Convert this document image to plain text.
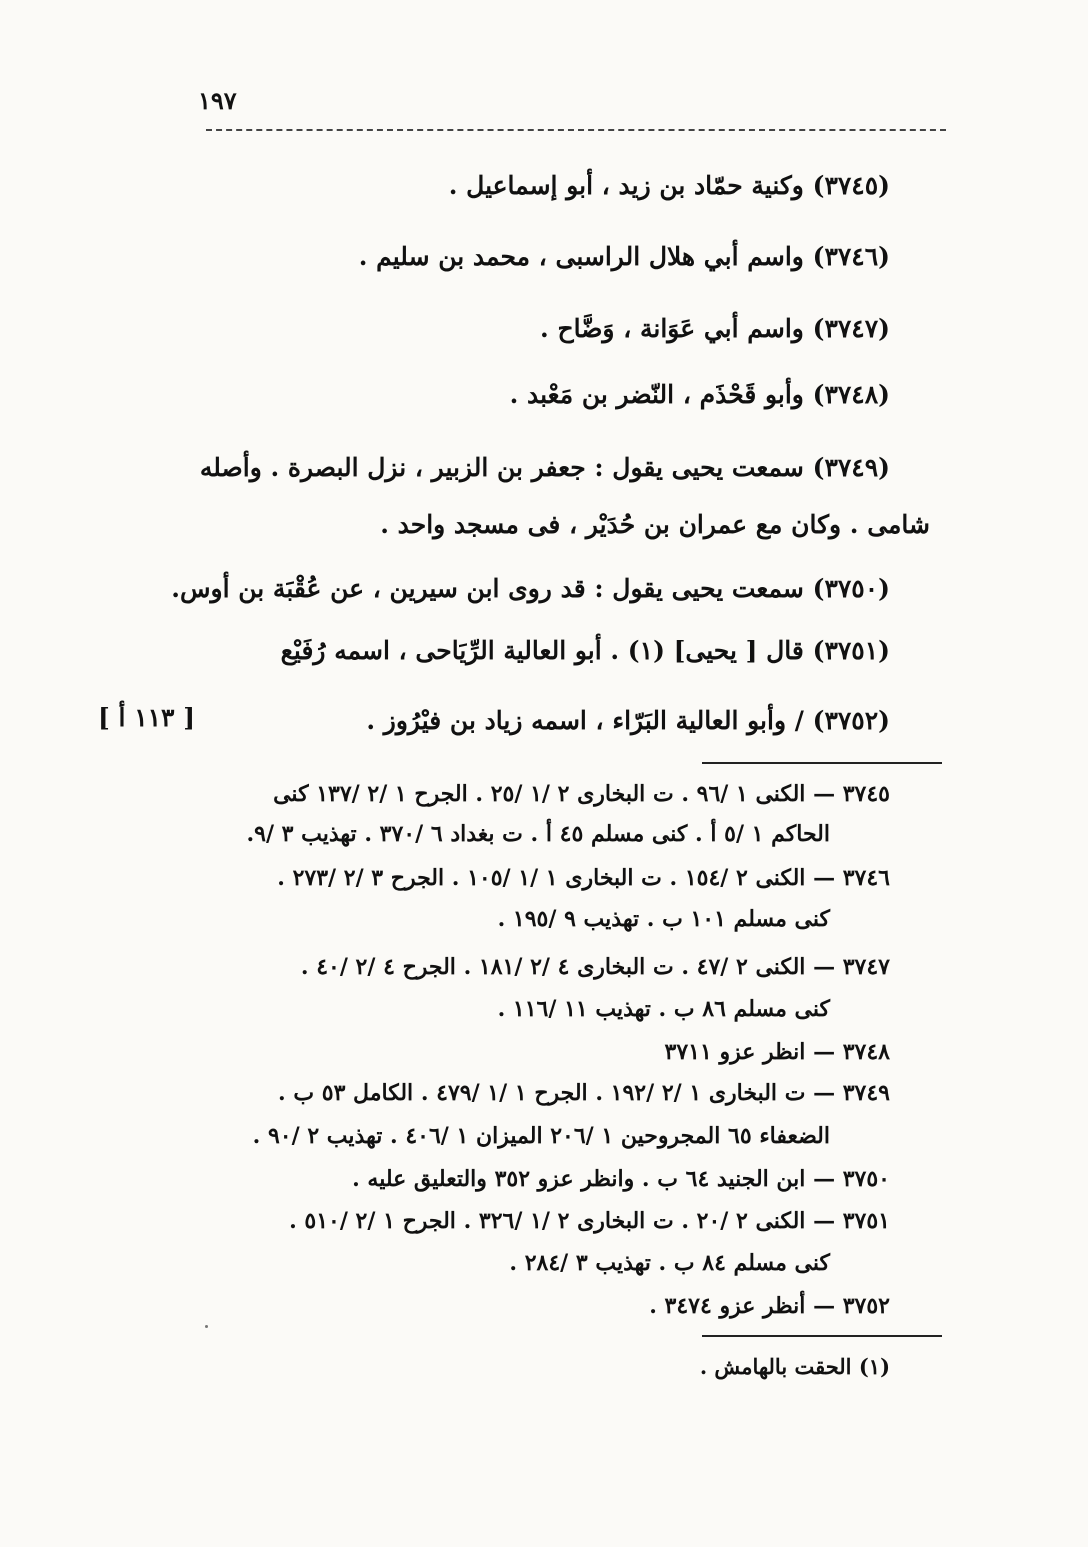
١٩٧
(٣٧٤٥) وكنية حمّاد بن زيد ، أبو إسماعيل .
(٣٧٤٦) واسم أبي هلال الراسبى ، محمد بن سليم .
(٣٧٤٧) واسم أبي عَوَانة ، وَضَّاح .
(٣٧٤٨) وأبو قَحْذَم ، النّضر بن مَعْبد .
(٣٧٤٩) سمعت يحيى يقول : جعفر بن الزبير ، نزل البصرة . وأصله
شامى . وكان مع عمران بن حُدَيْر ، فى مسجد واحد .
(٣٧٥٠) سمعت يحيى يقول : قد روى ابن سيرين ، عن عُقْبَة بن أوس.
(٣٧٥١) قال [ يحيى] (١) . أبو العالية الرِّيَاحى ، اسمه رُفَيْع
(٣٧٥٢) / وأبو العالية البَرّاء ، اسمه زياد بن فيْرُوز .
[ ١١٣ أ ]
٣٧٤٥ — الكنى ١ /٩٦ . ت البخارى ٢ /١ /٢٥ . الجرح ١ /٢ /١٣٧ كنى
الحاكم ١ /٥ أ . كنى مسلم ٤٥ أ . ت بغداد ٦ /٣٧٠ . تهذيب ٣ /٩.
٣٧٤٦ — الكنى ٢ /١٥٤ . ت البخارى ١ /١ /١٠٥ . الجرح ٣ /٢ /٢٧٣ .
كنى مسلم ١٠١ ب . تهذيب ٩ /١٩٥ .
٣٧٤٧ — الكنى ٢ /٤٧ . ت البخارى ٤ /٢ /١٨١ . الجرح ٤ /٢ /٤٠ .
كنى مسلم ٨٦ ب . تهذيب ١١ /١١٦ .
٣٧٤٨ — انظر عزو ٣٧١١
٣٧٤٩ — ت البخارى ١ /٢ /١٩٢ . الجرح ١ /١ /٤٧٩ . الكامل ٥٣ ب .
الضعفاء ٦٥ المجروحين ١ /٢٠٦ الميزان ١ /٤٠٦ . تهذيب ٢ /٩٠ .
٣٧٥٠ — ابن الجنيد ٦٤ ب . وانظر عزو ٣٥٢ والتعليق عليه .
٣٧٥١ — الكنى ٢ /٢٠ . ت البخارى ٢ /١ /٣٢٦ . الجرح ١ /٢ /٥١٠ .
كنى مسلم ٨٤ ب . تهذيب ٣ /٢٨٤ .
٣٧٥٢ — أنظر عزو ٣٤٧٤ .
(١) الحقت بالهامش .
